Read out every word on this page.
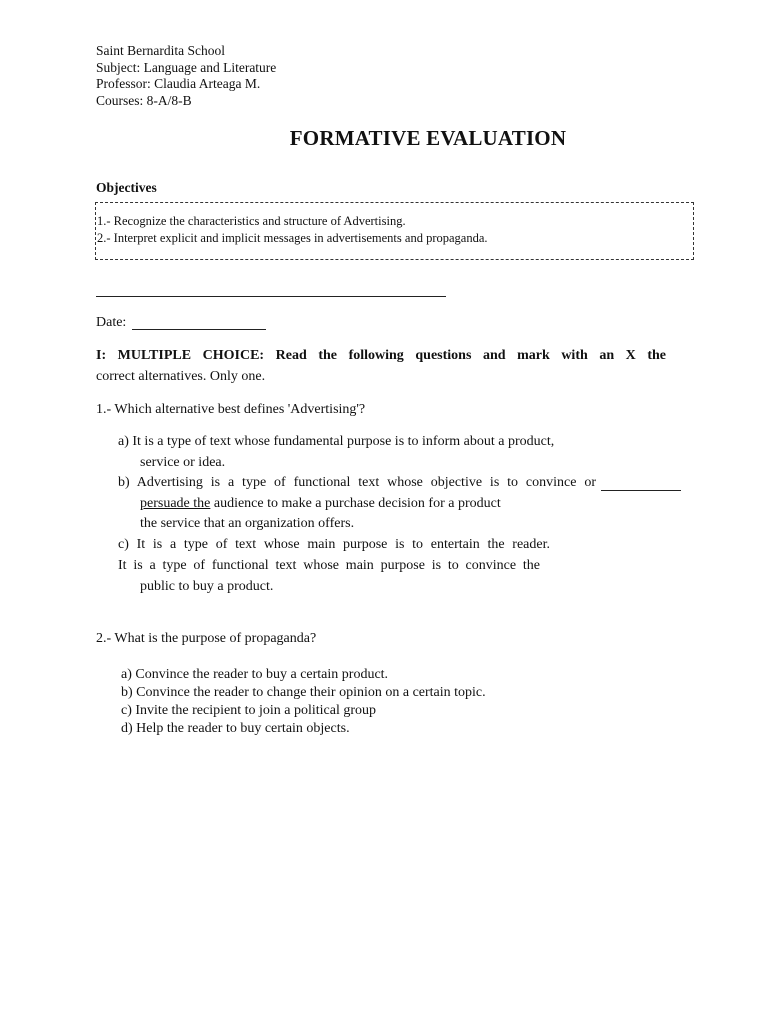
Saint Bernardita School
Subject: Language and Literature
Professor: Claudia Arteaga M.
Courses: 8-A/8-B
FORMATIVE EVALUATION
Objectives
1.- Recognize the characteristics and structure of Advertising.
2.- Interpret explicit and implicit messages in advertisements and propaganda.
Date:
I: MULTIPLE CHOICE: Read the following questions and mark with an X the
correct alternatives. Only one.
1.- Which alternative best defines 'Advertising'?
a) It is a type of text whose fundamental purpose is to inform about a product,
service or idea.
b) Advertising is a type of functional text whose objective is to convince or
persuade the audience to make a purchase decision for a product
the service that an organization offers.
c) It is a type of text whose main purpose is to entertain the reader.
It is a type of functional text whose main purpose is to convince the
public to buy a product.
2.- What is the purpose of propaganda?
a) Convince the reader to buy a certain product.
b) Convince the reader to change their opinion on a certain topic.
c) Invite the recipient to join a political group
d) Help the reader to buy certain objects.
